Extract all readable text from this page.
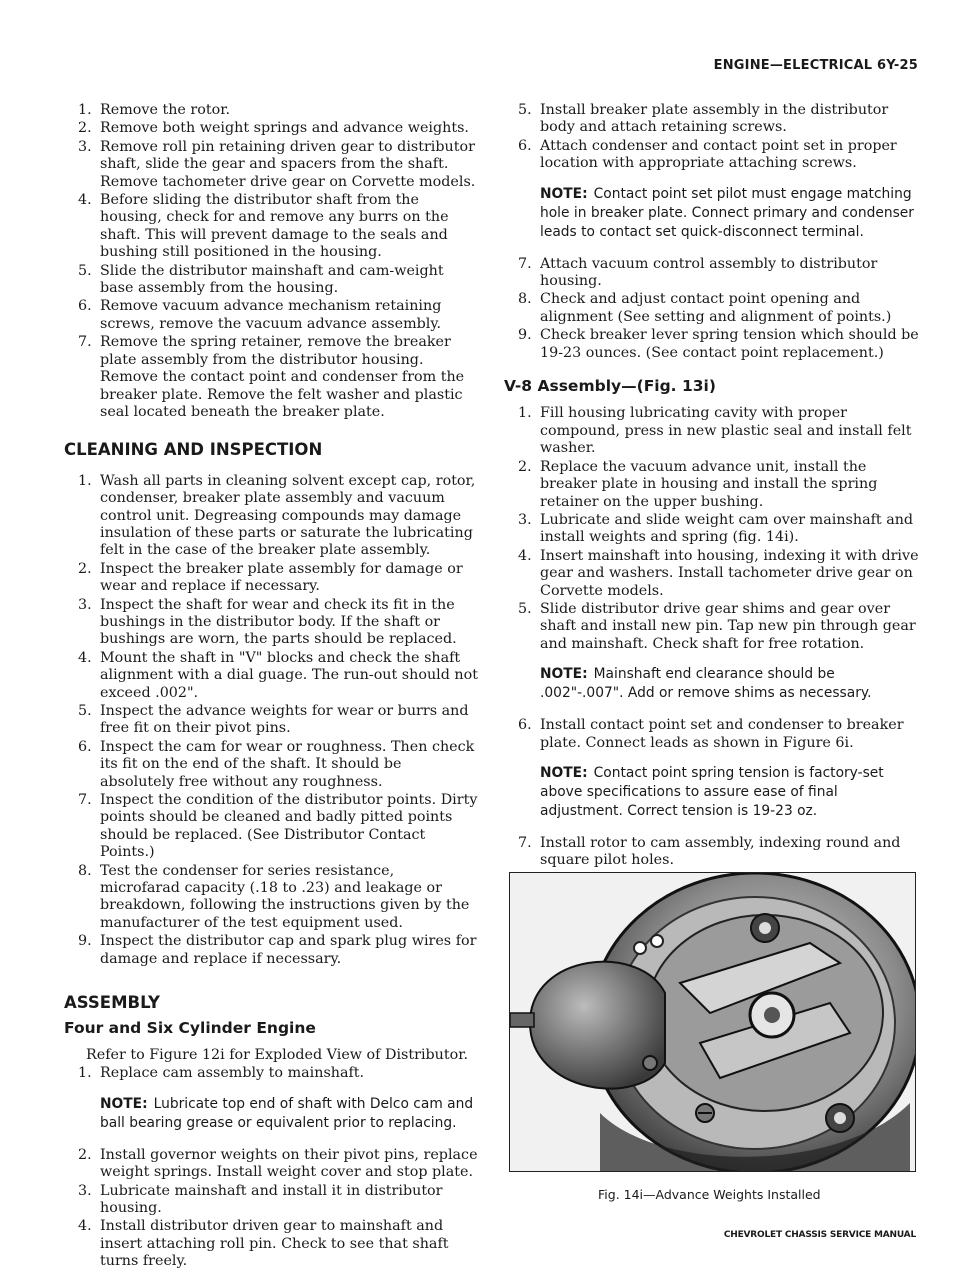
ENGINE—ELECTRICAL 6Y-25
1. Remove the rotor.
2. Remove both weight springs and advance weights.
3. Remove roll pin retaining driven gear to distributor shaft, slide the gear and spacers from the shaft. Remove tachometer drive gear on Corvette models.
4. Before sliding the distributor shaft from the housing, check for and remove any burrs on the shaft. This will prevent damage to the seals and bushing still positioned in the housing.
5. Slide the distributor mainshaft and cam-weight base assembly from the housing.
6. Remove vacuum advance mechanism retaining screws, remove the vacuum advance assembly.
7. Remove the spring retainer, remove the breaker plate assembly from the distributor housing. Remove the contact point and condenser from the breaker plate. Remove the felt washer and plastic seal located beneath the breaker plate.
CLEANING AND INSPECTION
1. Wash all parts in cleaning solvent except cap, rotor, condenser, breaker plate assembly and vacuum control unit. Degreasing compounds may damage insulation of these parts or saturate the lubricating felt in the case of the breaker plate assembly.
2. Inspect the breaker plate assembly for damage or wear and replace if necessary.
3. Inspect the shaft for wear and check its fit in the bushings in the distributor body. If the shaft or bushings are worn, the parts should be replaced.
4. Mount the shaft in "V" blocks and check the shaft alignment with a dial guage. The run-out should not exceed .002".
5. Inspect the advance weights for wear or burrs and free fit on their pivot pins.
6. Inspect the cam for wear or roughness. Then check its fit on the end of the shaft. It should be absolutely free without any roughness.
7. Inspect the condition of the distributor points. Dirty points should be cleaned and badly pitted points should be replaced. (See Distributor Contact Points.)
8. Test the condenser for series resistance, microfarad capacity (.18 to .23) and leakage or breakdown, following the instructions given by the manufacturer of the test equipment used.
9. Inspect the distributor cap and spark plug wires for damage and replace if necessary.
ASSEMBLY
Four and Six Cylinder Engine
Refer to Figure 12i for Exploded View of Distributor.
1. Replace cam assembly to mainshaft.
NOTE: Lubricate top end of shaft with Delco cam and ball bearing grease or equivalent prior to replacing.
2. Install governor weights on their pivot pins, replace weight springs. Install weight cover and stop plate.
3. Lubricate mainshaft and install it in distributor housing.
4. Install distributor driven gear to mainshaft and insert attaching roll pin. Check to see that shaft turns freely.
5. Install breaker plate assembly in the distributor body and attach retaining screws.
6. Attach condenser and contact point set in proper location with appropriate attaching screws.
NOTE: Contact point set pilot must engage matching hole in breaker plate. Connect primary and condenser leads to contact set quick-disconnect terminal.
7. Attach vacuum control assembly to distributor housing.
8. Check and adjust contact point opening and alignment (See setting and alignment of points.)
9. Check breaker lever spring tension which should be 19-23 ounces. (See contact point replacement.)
V-8 Assembly—(Fig. 13i)
1. Fill housing lubricating cavity with proper compound, press in new plastic seal and install felt washer.
2. Replace the vacuum advance unit, install the breaker plate in housing and install the spring retainer on the upper bushing.
3. Lubricate and slide weight cam over mainshaft and install weights and spring (fig. 14i).
4. Insert mainshaft into housing, indexing it with drive gear and washers. Install tachometer drive gear on Corvette models.
5. Slide distributor drive gear shims and gear over shaft and install new pin. Tap new pin through gear and mainshaft. Check shaft for free rotation.
NOTE: Mainshaft end clearance should be .002"-.007". Add or remove shims as necessary.
6. Install contact point set and condenser to breaker plate. Connect leads as shown in Figure 6i.
NOTE: Contact point spring tension is factory-set above specifications to assure ease of final adjustment. Correct tension is 19-23 oz.
7. Install rotor to cam assembly, indexing round and square pilot holes.
Fig. 14i—Advance Weights Installed
CHEVROLET CHASSIS SERVICE MANUAL
